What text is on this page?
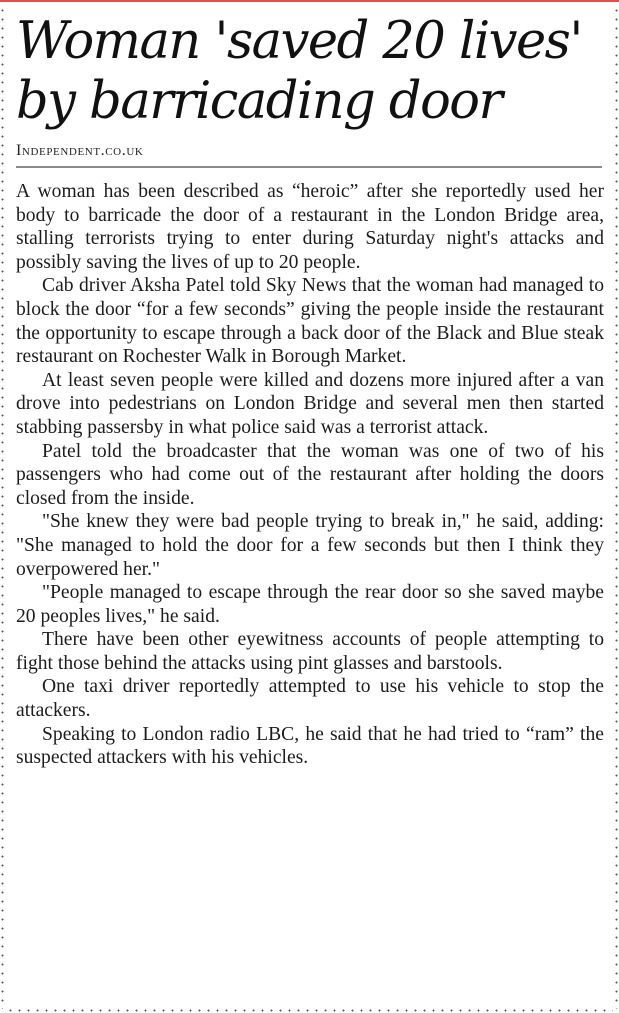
Woman 'saved 20 lives'
by barricading door
Independent.co.uk

A woman has been described as “heroic” after she reportedly used her body to barricade the door of a restaurant in the London Bridge area, stalling terrorists trying to enter during Saturday night's attacks and possibly saving the lives of up to 20 people.

Cab driver Aksha Patel told Sky News that the woman had managed to block the door “for a few seconds” giving the people inside the restaurant the opportunity to escape through a back door of the Black and Blue steak restaurant on Rochester Walk in Borough Market.

At least seven people were killed and dozens more injured after a van drove into pedestrians on London Bridge and several men then started stabbing passersby in what police said was a terrorist attack.

Patel told the broadcaster that the woman was one of two of his passengers who had come out of the restaurant after holding the doors closed from the inside.

"She knew they were bad people trying to break in," he said, adding: "She managed to hold the door for a few seconds but then I think they overpowered her."

"People managed to escape through the rear door so she saved maybe 20 peoples lives," he said.

There have been other eyewitness accounts of people attempting to fight those behind the attacks using pint glasses and barstools.

One taxi driver reportedly attempted to use his vehicle to stop the attackers.

Speaking to London radio LBC, he said that he had tried to “ram” the suspected attackers with his vehicles.
